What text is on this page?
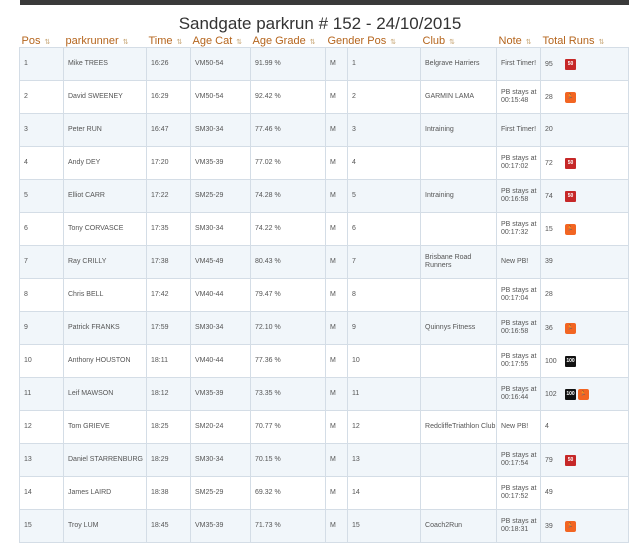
Sandgate parkrun # 152 - 24/10/2015
Pos ⇅	parkrunner ⇅	Time ⇅	Age Cat ⇅	Age Grade ⇅	Gender Pos ⇅		Club ⇅	Note ⇅	Total Runs ⇅
1	Mike TREES	16:26	VM50-54	91.99 %	M	1	Belgrave Harriers	First Timer!	95 50
2	David SWEENEY	16:29	VM50-54	92.42 %	M	2	GARMIN LAMA	PB stays at 00:15:48	28 🏃
3	Peter RUN	16:47	SM30-34	77.46 %	M	3	Intraining	First Timer!	20
4	Andy DEY	17:20	VM35-39	77.02 %	M	4		PB stays at 00:17:02	72 50
5	Elliot CARR	17:22	SM25-29	74.28 %	M	5	Intraining	PB stays at 00:16:58	74 50
6	Tony CORVASCE	17:35	SM30-34	74.22 %	M	6		PB stays at 00:17:32	15 🏃
7	Ray CRILLY	17:38	VM45-49	80.43 %	M	7	Brisbane Road Runners	New PB!	39
8	Chris BELL	17:42	VM40-44	79.47 %	M	8		PB stays at 00:17:04	28
9	Patrick FRANKS	17:59	SM30-34	72.10 %	M	9	Quinnys Fitness	PB stays at 00:16:58	36 🏃
10	Anthony HOUSTON	18:11	VM40-44	77.36 %	M	10		PB stays at 00:17:55	100 100
11	Leif MAWSON	18:12	VM35-39	73.35 %	M	11		PB stays at 00:16:44	102 100 🏃
12	Tom GRIEVE	18:25	SM20-24	70.77 %	M	12	RedcliffeTriathlon Club	New PB!	4
13	Daniel STARRENBURG	18:29	SM30-34	70.15 %	M	13		PB stays at 00:17:54	79 50
14	James LAIRD	18:38	SM25-29	69.32 %	M	14		PB stays at 00:17:52	49
15	Troy LUM	18:45	VM35-39	71.73 %	M	15	Coach2Run	PB stays at 00:18:31	39 🏃
